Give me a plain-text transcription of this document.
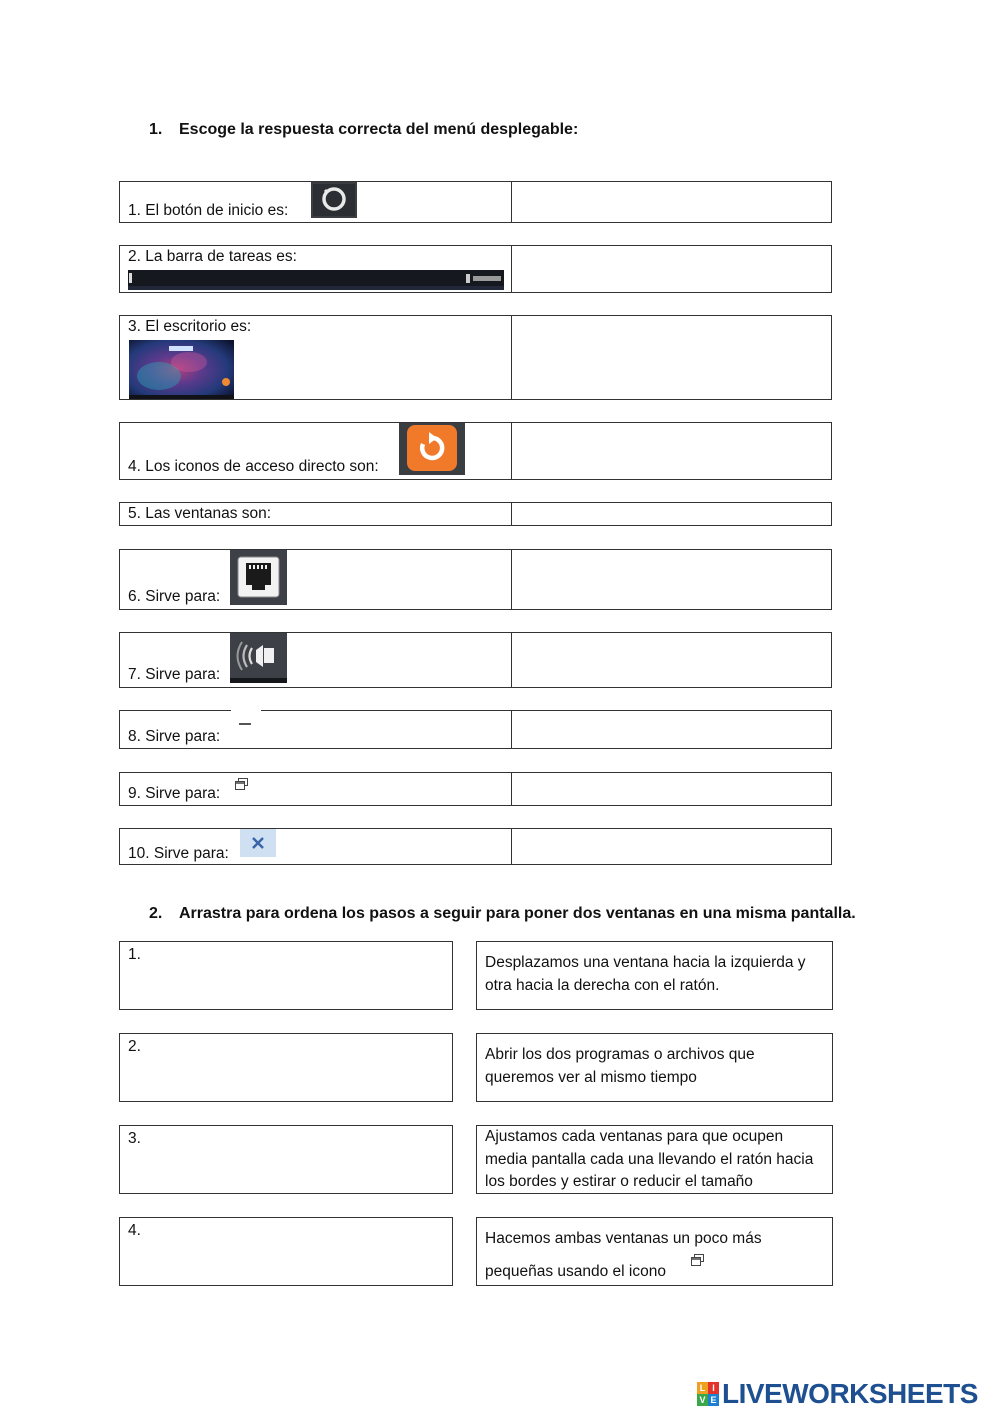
1. Escoge la respuesta correcta del menú desplegable:
1. El botón de inicio es:
2. La barra de tareas es:
3. El escritorio es:
4. Los iconos de acceso directo son:
5. Las ventanas son:
6. Sirve para:
7. Sirve para:
8. Sirve para:
9. Sirve para:
10. Sirve para:
2. Arrastra para ordena los pasos a seguir para poner dos ventanas en una misma pantalla.
1.	Desplazamos una ventana hacia la izquierda y otra hacia la derecha con el ratón.
2.	Abrir los dos programas o archivos que queremos ver al mismo tiempo
3.	Ajustamos cada ventanas para que ocupen media pantalla cada una llevando el ratón hacia los bordes y estirar o reducir el tamaño
4.	Hacemos ambas ventanas un poco más pequeñas usando el icono
L I
V E LIVEWORKSHEETS
